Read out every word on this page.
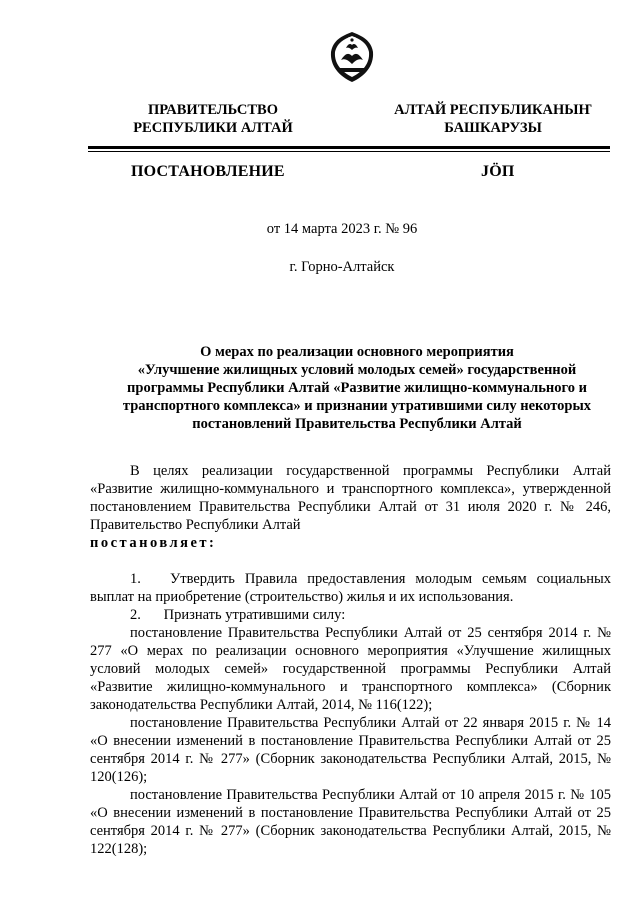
ПРАВИТЕЛЬСТВО
РЕСПУБЛИКИ АЛТАЙ
АЛТАЙ РЕСПУБЛИКАНЫҤ
БАШКАРУЗЫ
ПОСТАНОВЛЕНИЕ	JÖП
от 14 марта 2023 г. № 96
г. Горно-Алтайск
О мерах по реализации основного мероприятия
«Улучшение жилищных условий молодых семей» государственной
программы Республики Алтай «Развитие жилищно-коммунального и
транспортного комплекса» и признании утратившими силу некоторых
постановлений Правительства Республики Алтай

В целях реализации государственной программы Республики Алтай «Развитие жилищно-коммунального и транспортного комплекса», утвержденной постановлением Правительства Республики Алтай от 31 июля 2020 г. № 246, Правительство Республики Алтай

постановляет:

1. Утвердить Правила предоставления молодым семьям социальных выплат на приобретение (строительство) жилья и их использования.

2. Признать утратившими силу:

постановление Правительства Республики Алтай от 25 сентября 2014 г. № 277 «О мерах по реализации основного мероприятия «Улучшение жилищных условий молодых семей» государственной программы Республики Алтай «Развитие жилищно-коммунального и транспортного комплекса» (Сборник законодательства Республики Алтай, 2014, № 116(122);

постановление Правительства Республики Алтай от 22 января 2015 г. № 14 «О внесении изменений в постановление Правительства Республики Алтай от 25 сентября 2014 г. № 277» (Сборник законодательства Республики Алтай, 2015, № 120(126);

постановление Правительства Республики Алтай от 10 апреля 2015 г. № 105 «О внесении изменений в постановление Правительства Республики Алтай от 25 сентября 2014 г. № 277» (Сборник законодательства Республики Алтай, 2015, № 122(128);
